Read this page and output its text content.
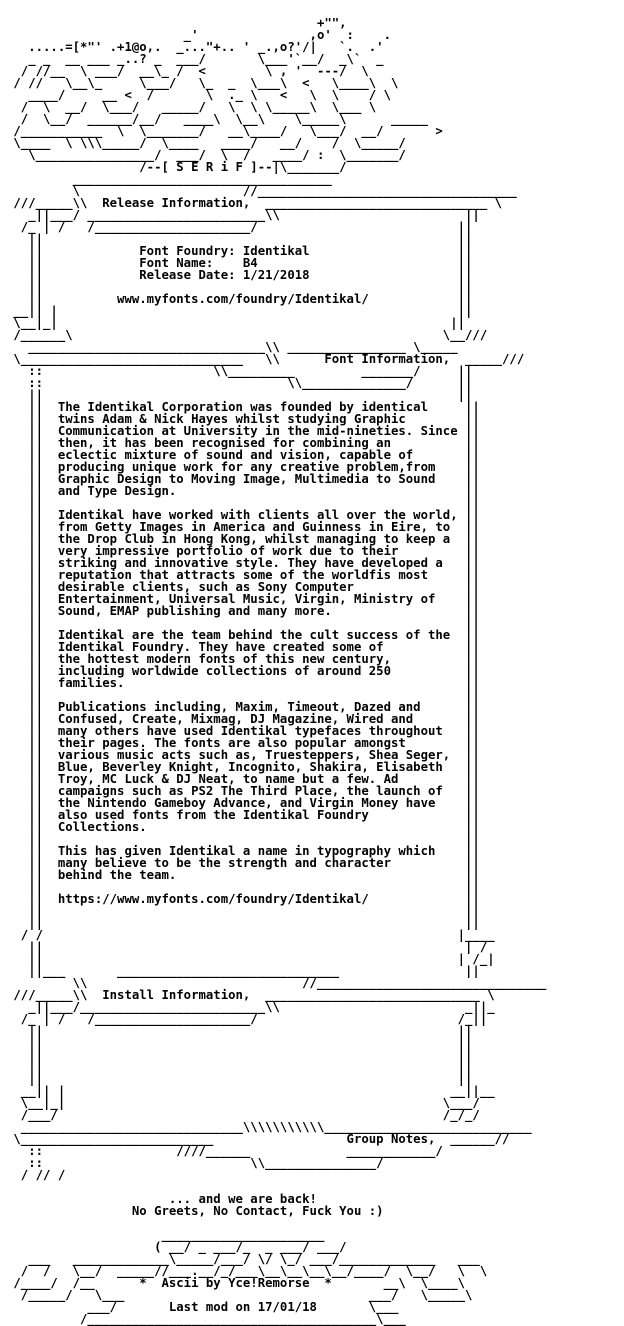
+"",
_'               ,o'  :    .
.....=[*"' .+1@o,.  _..."+.. ' _.,o?'/|   `.  .'
_ _  __ ___ _..? _  ___/       \___'`__/  _\`  _
/ //__  \ ___/  __\_ /  <        \ , '  ---/  \
/ //   \__\_     \___/   \_  _  \___\  <   \____\  \
____/     __ <  /       \  ._ \   <   \  \    / \
/  \  __/  \___/   _____/   \  \ \_____\  \___ \
/  \__/  ______/__/   ____\  \__\    \_____\      _____
/___________  \  \_______/   __\____/   \___/  __/       >
\____  \ \\\_____/  \____   ____/   __/    /  \_____/
\________________/  ___/  \  /   ____/ :  \_______/
/--[ S E R i F ]--|\_______/
___________________________________
\                      //___________________________________
///_____\\  Release Information,  ______________________________ \
_||___/ ________________________\\                         ||
/_ | /   /_____________________/                           ||
||                                                        ||
||             Font Foundry: Identikal                    ||
||             Font Name:    B4                           ||
||             Release Date: 1/21/2018                    ||
||                                                        ||
||          www.myfonts.com/foundry/Identikal/            ||
__|| |                                                      ||
\__|_|                                                     ||
/______\                                                  \__///
________________________________\\ ________________ \_____
\______________________________   \\      Font Information,  _____///
::                       \\_________         _______/     ||
::                                 \\______________/      ||
||                                                        ||
||  The Identikal Corporation was founded by identical     ||
||  twins Adam & Nick Hayes whilst studying Graphic        ||
||  Communication at University in the mid-nineties. Since ||
||  then, it has been recognised for combining an          ||
||  eclectic mixture of sound and vision, capable of       ||
||  producing unique work for any creative problem,from    ||
||  Graphic Design to Moving Image, Multimedia to Sound    ||
||  and Type Design.                                       ||
||                                                         ||
||  Identikal have worked with clients all over the world, ||
||  from Getty Images in America and Guinness in Eire, to  ||
||  the Drop Club in Hong Kong, whilst managing to keep a  ||
||  very impressive portfolio of work due to their         ||
||  striking and innovative style. They have developed a   ||
||  reputation that attracts some of the worldfis most     ||
||  desirable clients, such as Sony Computer               ||
||  Entertainment, Universal Music, Virgin, Ministry of    ||
||  Sound, EMAP publishing and many more.                  ||
||                                                         ||
||  Identikal are the team behind the cult success of the  ||
||  Identikal Foundry. They have created some of           ||
||  the hottest modern fonts of this new century,          ||
||  including worldwide collections of around 250          ||
||  families.                                              ||
||                                                         ||
||  Publications including, Maxim, Timeout, Dazed and      ||
||  Confused, Create, Mixmag, DJ Magazine, Wired and       ||
||  many others have used Identikal typefaces throughout   ||
||  their pages. The fonts are also popular amongst        ||
||  various music acts such as, Truesteppers, Shea Seger,  ||
||  Blue, Beverley Knight, Incognito, Shakira, Elisabeth   ||
||  Troy, MC Luck & DJ Neat, to name but a few. Ad         ||
||  campaigns such as PS2 The Third Place, the launch of   ||
||  the Nintendo Gameboy Advance, and Virgin Money have    ||
||  also used fonts from the Identikal Foundry             ||
||  Collections.                                           ||
||                                                         ||
||  This has given Identikal a name in typography which    ||
||  many believe to be the strength and character          ||
||  behind the team.                                       ||
||                                                         ||
||  https://www.myfonts.com/foundry/Identikal/             ||
||                                                         ||
||                                                         ||
/ /                                                        |____
||                                                         | /
||                                                        | /_|
||___       ______________________________                 ||
\\                             //_______________________________
///_____\\  Install Information,  _____________________________ \
_||___/_________________________\\                         _||_
/_ | /   /_____________________/                           /_||
||                                                        ||
||                                                        ||
||                                                        ||
||                                                        ||
||                                                        ||
__|| |                                                    __||__
\__|_|                                                   \___/
/___/                                                    /_/_/
______________________________\\\\\\\\\\\____________________________
\__________________________                  Group Notes,  ______//
::                  ////______             ____________/
::                            \\_______________/
/ // /
... and we are back!
No Greets, No Contact, Fuck You :)
______________________
( __/ _ ___/_  _ ___/ ___/
___   _____________\_____/___/ \/ \_/ ___/_____________   ___
/  /   \__/  _____//___.__/_/___\__\__\__\__/____/  \__/   \  \
/____/  /__      *  Ascii by Yce!Remorse  *       __\  \____\
/_____/   \___                                 ___/   \_____\
___/       Last mod on 17/01/18       \___
/_______________________________________\___
